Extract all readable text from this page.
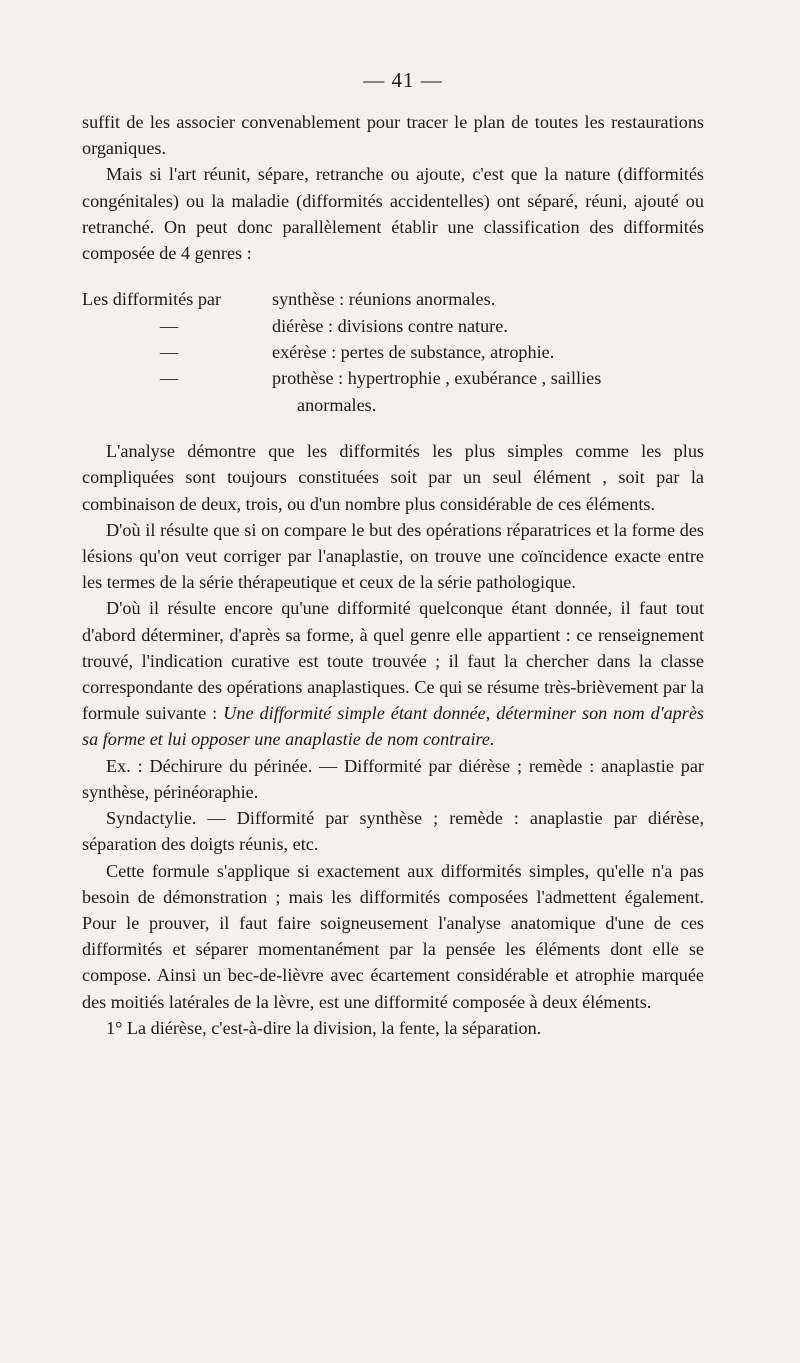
— 41 —

suffit de les associer convenablement pour tracer le plan de toutes les restaurations organiques.

Mais si l'art réunit, sépare, retranche ou ajoute, c'est que la nature (difformités congénitales) ou la maladie (difformités accidentelles) ont séparé, réuni, ajouté ou retranché. On peut donc parallèlement établir une classification des difformités composée de 4 genres :

Les difformités par	synthèse : réunions anormales.
—	diérèse : divisions contre nature.
—	exérèse : pertes de substance, atrophie.
—	prothèse : hypertrophie , exubérance , saillies
anormales.

L'analyse démontre que les difformités les plus simples comme les plus compliquées sont toujours constituées soit par un seul élément , soit par la combinaison de deux, trois, ou d'un nombre plus considérable de ces éléments.

D'où il résulte que si on compare le but des opérations réparatrices et la forme des lésions qu'on veut corriger par l'anaplastie, on trouve une coïncidence exacte entre les termes de la série thérapeutique et ceux de la série pathologique.

D'où il résulte encore qu'une difformité quelconque étant donnée, il faut tout d'abord déterminer, d'après sa forme, à quel genre elle appartient : ce renseignement trouvé, l'indication curative est toute trouvée ; il faut la chercher dans la classe correspondante des opérations anaplastiques. Ce qui se résume très-brièvement par la formule suivante : Une difformité simple étant donnée, déterminer son nom d'après sa forme et lui opposer une anaplastie de nom contraire.

Ex. : Déchirure du périnée. — Difformité par diérèse ; remède : anaplastie par synthèse, périnéoraphie.

Syndactylie. — Difformité par synthèse ; remède : anaplastie par diérèse, séparation des doigts réunis, etc.

Cette formule s'applique si exactement aux difformités simples, qu'elle n'a pas besoin de démonstration ; mais les difformités composées l'admettent également. Pour le prouver, il faut faire soigneusement l'analyse anatomique d'une de ces difformités et séparer momentanément par la pensée les éléments dont elle se compose. Ainsi un bec-de-lièvre avec écartement considérable et atrophie marquée des moitiés latérales de la lèvre, est une difformité composée à deux éléments.

1° La diérèse, c'est-à-dire la division, la fente, la séparation.
